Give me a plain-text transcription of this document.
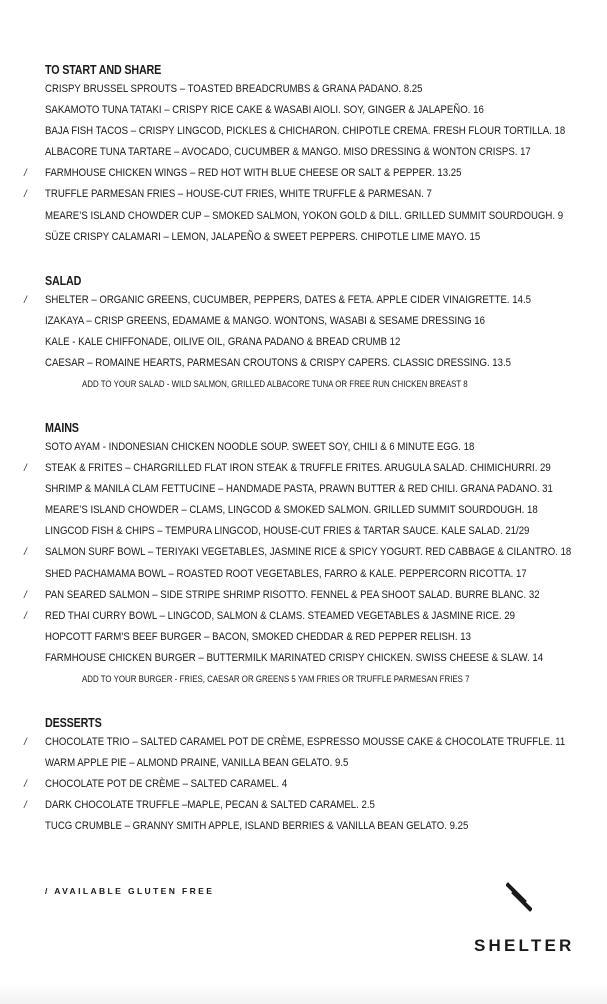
TO START AND SHARE
CRISPY BRUSSEL SPROUTS – TOASTED BREADCRUMBS & GRANA PADANO. 8.25
SAKAMOTO TUNA TATAKI – CRISPY RICE CAKE & WASABI AIOLI. SOY, GINGER & JALAPEÑO. 16
BAJA FISH TACOS – CRISPY LINGCOD, PICKLES & CHICHARON. CHIPOTLE CREMA. FRESH FLOUR TORTILLA. 18
ALBACORE TUNA TARTARE – AVOCADO, CUCUMBER & MANGO. MISO DRESSING & WONTON CRISPS. 17
/ FARMHOUSE CHICKEN WINGS – RED HOT WITH BLUE CHEESE OR SALT & PEPPER. 13.25
/ TRUFFLE PARMESAN FRIES – HOUSE-CUT FRIES, WHITE TRUFFLE & PARMESAN. 7
MEARE’S ISLAND CHOWDER CUP – SMOKED SALMON, YOKON GOLD & DILL. GRILLED SUMMIT SOURDOUGH. 9
SÜZE CRISPY CALAMARI – LEMON, JALAPEÑO & SWEET PEPPERS. CHIPOTLE LIME MAYO. 15
SALAD
/ SHELTER – ORGANIC GREENS, CUCUMBER, PEPPERS, DATES & FETA. APPLE CIDER VINAIGRETTE. 14.5
IZAKAYA – CRISP GREENS, EDAMAME & MANGO. WONTONS, WASABI & SESAME DRESSING 16
KALE - KALE CHIFFONADE, OILIVE OIL, GRANA PADANO & BREAD CRUMB 12
CAESAR – ROMAINE HEARTS, PARMESAN CROUTONS & CRISPY CAPERS. CLASSIC DRESSING. 13.5
ADD TO YOUR SALAD - WILD SALMON, GRILLED ALBACORE TUNA OR FREE RUN CHICKEN BREAST 8
MAINS
SOTO AYAM - INDONESIAN CHICKEN NOODLE SOUP. SWEET SOY, CHILI & 6 MINUTE EGG. 18
/ STEAK & FRITES – CHARGRILLED FLAT IRON STEAK & TRUFFLE FRITES. ARUGULA SALAD. CHIMICHURRI. 29
SHRIMP & MANILA CLAM FETTUCINE – HANDMADE PASTA, PRAWN BUTTER & RED CHILI. GRANA PADANO. 31
MEARE’S ISLAND CHOWDER – CLAMS, LINGCOD & SMOKED SALMON. GRILLED SUMMIT SOURDOUGH. 18
LINGCOD FISH & CHIPS – TEMPURA LINGCOD, HOUSE-CUT FRIES & TARTAR SAUCE. KALE SALAD. 21/29
/ SALMON SURF BOWL – TERIYAKI VEGETABLES, JASMINE RICE & SPICY YOGURT. RED CABBAGE & CILANTRO. 18
SHED PACHAMAMA BOWL – ROASTED ROOT VEGETABLES, FARRO & KALE. PEPPERCORN RICOTTA. 17
/ PAN SEARED SALMON – SIDE STRIPE SHRIMP RISOTTO. FENNEL & PEA SHOOT SALAD. BURRE BLANC. 32
/ RED THAI CURRY BOWL – LINGCOD, SALMON & CLAMS. STEAMED VEGETABLES & JASMINE RICE. 29
HOPCOTT FARM’S BEEF BURGER – BACON, SMOKED CHEDDAR & RED PEPPER RELISH. 13
FARMHOUSE CHICKEN BURGER – BUTTERMILK MARINATED CRISPY CHICKEN. SWISS CHEESE & SLAW. 14
ADD TO YOUR BURGER - FRIES, CAESAR OR GREENS 5 YAM FRIES OR TRUFFLE PARMESAN FRIES 7
DESSERTS
/ CHOCOLATE TRIO – SALTED CARAMEL POT DE CRÈME, ESPRESSO MOUSSE CAKE & CHOCOLATE TRUFFLE. 11
WARM APPLE PIE – ALMOND PRAINE, VANILLA BEAN GELATO. 9.5
/ CHOCOLATE POT DE CRÈME – SALTED CARAMEL. 4
/ DARK CHOCOLATE TRUFFLE –MAPLE, PECAN & SALTED CARAMEL. 2.5
TUCG CRUMBLE – GRANNY SMITH APPLE, ISLAND BERRIES & VANILLA BEAN GELATO. 9.25
/ AVAILABLE GLUTEN FREE
SHELTER
